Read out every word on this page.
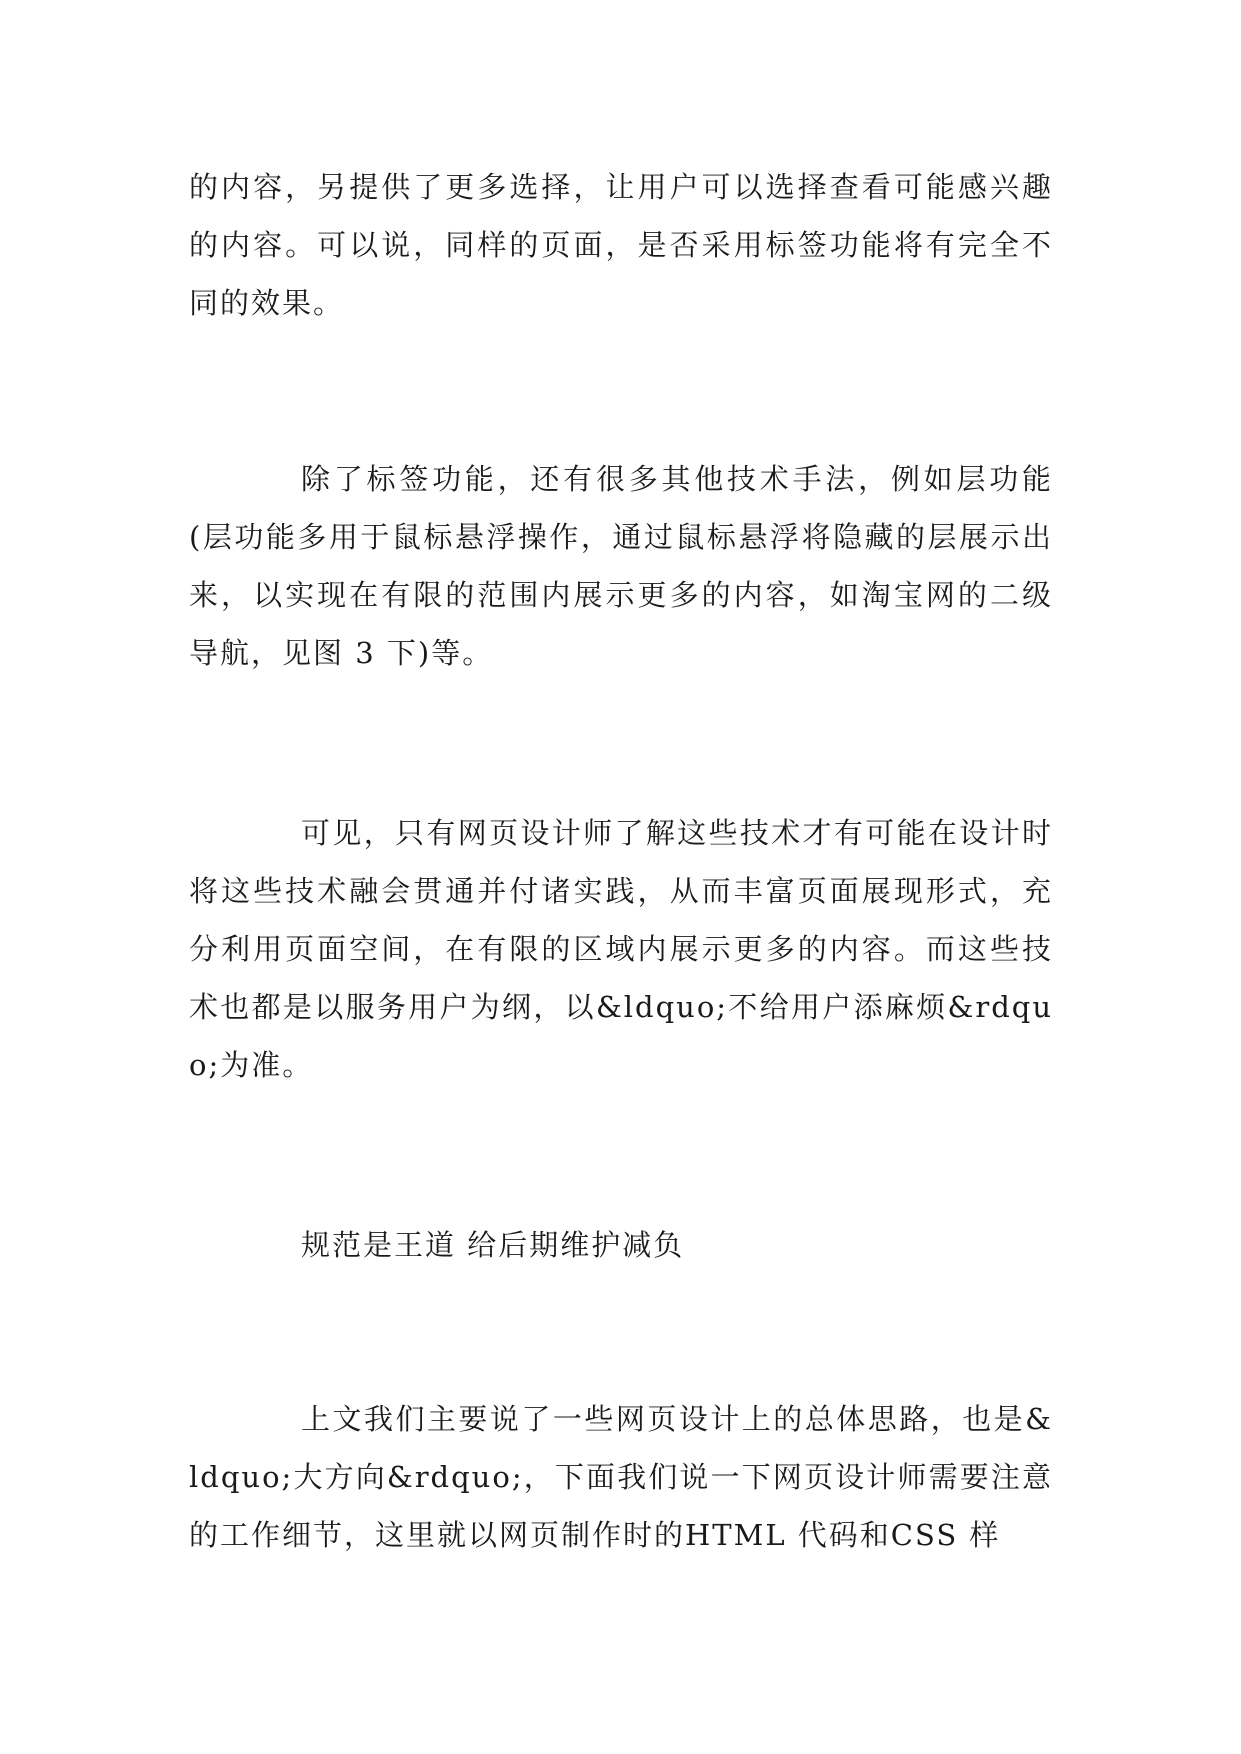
的内容，另提供了更多选择，让用户可以选择查看可能感兴趣的内容。可以说，同样的页面，是否采用标签功能将有完全不同的效果。

除了标签功能，还有很多其他技术手法，例如层功能(层功能多用于鼠标悬浮操作，通过鼠标悬浮将隐藏的层展示出来，以实现在有限的范围内展示更多的内容，如淘宝网的二级导航，见图 3 下)等。

可见，只有网页设计师了解这些技术才有可能在设计时将这些技术融会贯通并付诸实践，从而丰富页面展现形式，充分利用页面空间，在有限的区域内展示更多的内容。而这些技术也都是以服务用户为纲，以&ldquo;不给用户添麻烦&rdquo;为准。

规范是王道 给后期维护减负

上文我们主要说了一些网页设计上的总体思路，也是&ldquo;大方向&rdquo;，下面我们说一下网页设计师需要注意的工作细节，这里就以网页制作时的HTML 代码和CSS 样
